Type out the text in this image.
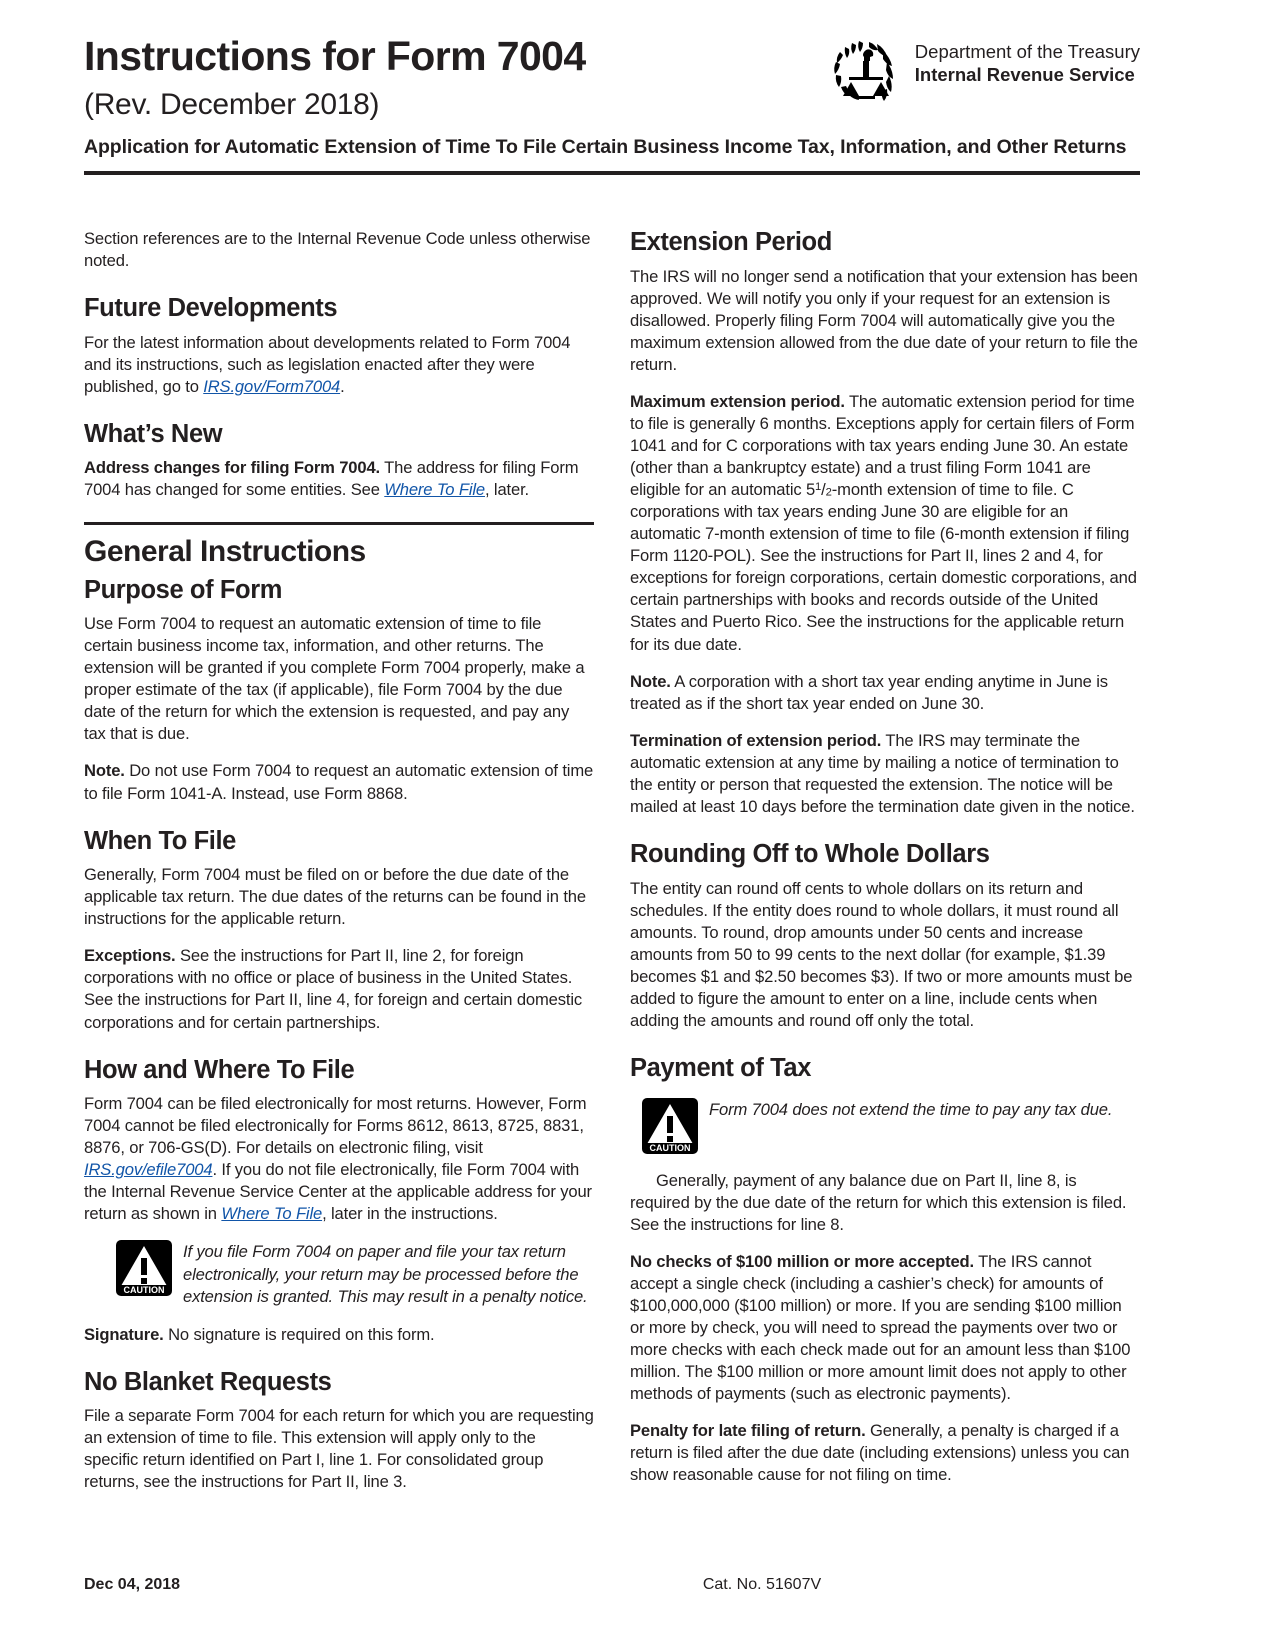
Instructions for Form 7004
(Rev. December 2018)
Department of the Treasury
Internal Revenue Service
Application for Automatic Extension of Time To File Certain Business Income Tax, Information, and Other Returns

Section references are to the Internal Revenue Code unless otherwise noted.

Future Developments

For the latest information about developments related to Form 7004 and its instructions, such as legislation enacted after they were published, go to IRS.gov/Form7004.

What’s New

Address changes for filing Form 7004. The address for filing Form 7004 has changed for some entities. See Where To File, later.

General Instructions
Purpose of Form

Use Form 7004 to request an automatic extension of time to file certain business income tax, information, and other returns. The extension will be granted if you complete Form 7004 properly, make a proper estimate of the tax (if applicable), file Form 7004 by the due date of the return for which the extension is requested, and pay any tax that is due.

Note. Do not use Form 7004 to request an automatic extension of time to file Form 1041-A. Instead, use Form 8868.

When To File

Generally, Form 7004 must be filed on or before the due date of the applicable tax return. The due dates of the returns can be found in the instructions for the applicable return.

Exceptions. See the instructions for Part II, line 2, for foreign corporations with no office or place of business in the United States. See the instructions for Part II, line 4, for foreign and certain domestic corporations and for certain partnerships.

How and Where To File

Form 7004 can be filed electronically for most returns. However, Form 7004 cannot be filed electronically for Forms 8612, 8613, 8725, 8831, 8876, or 706-GS(D). For details on electronic filing, visit IRS.gov/efile7004. If you do not file electronically, file Form 7004 with the Internal Revenue Service Center at the applicable address for your return as shown in Where To File, later in the instructions.

CAUTION
If you file Form 7004 on paper and file your tax return electronically, your return may be processed before the extension is granted. This may result in a penalty notice.

Signature. No signature is required on this form.

No Blanket Requests

File a separate Form 7004 for each return for which you are requesting an extension of time to file. This extension will apply only to the specific return identified on Part I, line 1. For consolidated group returns, see the instructions for Part II, line 3.

Extension Period

The IRS will no longer send a notification that your extension has been approved. We will notify you only if your request for an extension is disallowed. Properly filing Form 7004 will automatically give you the maximum extension allowed from the due date of your return to file the return.

Maximum extension period. The automatic extension period for time to file is generally 6 months. Exceptions apply for certain filers of Form 1041 and for C corporations with tax years ending June 30. An estate (other than a bankruptcy estate) and a trust filing Form 1041 are eligible for an automatic $5^1/_2$-month extension of time to file. C corporations with tax years ending June 30 are eligible for an automatic 7-month extension of time to file (6-month extension if filing Form 1120-POL). See the instructions for Part II, lines 2 and 4, for exceptions for foreign corporations, certain domestic corporations, and certain partnerships with books and records outside of the United States and Puerto Rico. See the instructions for the applicable return for its due date.

Note. A corporation with a short tax year ending anytime in June is treated as if the short tax year ended on June 30.

Termination of extension period. The IRS may terminate the automatic extension at any time by mailing a notice of termination to the entity or person that requested the extension. The notice will be mailed at least 10 days before the termination date given in the notice.

Rounding Off to Whole Dollars

The entity can round off cents to whole dollars on its return and schedules. If the entity does round to whole dollars, it must round all amounts. To round, drop amounts under 50 cents and increase amounts from 50 to 99 cents to the next dollar (for example, $1.39 becomes $1 and $2.50 becomes $3). If two or more amounts must be added to figure the amount to enter on a line, include cents when adding the amounts and round off only the total.

Payment of Tax
CAUTION
Form 7004 does not extend the time to pay any tax due.

Generally, payment of any balance due on Part II, line 8, is required by the due date of the return for which this extension is filed. See the instructions for line 8.

No checks of $100 million or more accepted. The IRS cannot accept a single check (including a cashier’s check) for amounts of $100,000,000 ($100 million) or more. If you are sending $100 million or more by check, you will need to spread the payments over two or more checks with each check made out for an amount less than $100 million. The $100 million or more amount limit does not apply to other methods of payments (such as electronic payments).

Penalty for late filing of return. Generally, a penalty is charged if a return is filed after the due date (including extensions) unless you can show reasonable cause for not filing on time.

Dec 04, 2018	Cat. No. 51607V
